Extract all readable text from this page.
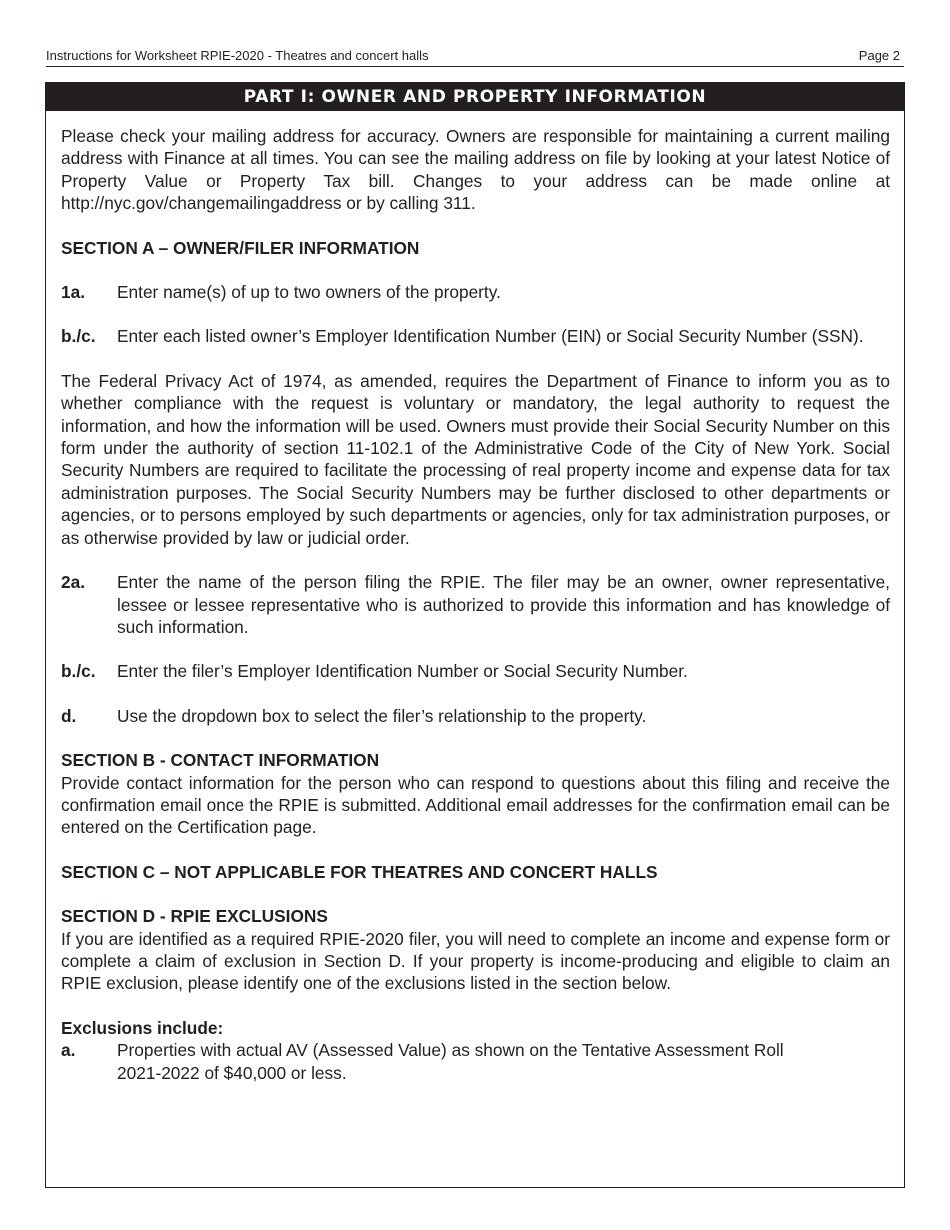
Instructions for Worksheet RPIE-2020 - Theatres and concert halls	Page 2
PART I: OWNER AND PROPERTY INFORMATION

Please check your mailing address for accuracy. Owners are responsible for maintaining a current mailing address with Finance at all times. You can see the mailing address on file by looking at your latest Notice of Property Value or Property Tax bill. Changes to your address can be made online at http://nyc.gov/changemailingaddress or by calling 311.

SECTION A – OWNER/FILER INFORMATION

1a.	Enter name(s) of up to two owners of the property.
b./c.	Enter each listed owner’s Employer Identification Number (EIN) or Social Security Number (SSN).

The Federal Privacy Act of 1974, as amended, requires the Department of Finance to inform you as to whether compliance with the request is voluntary or mandatory, the legal authority to request the information, and how the information will be used. Owners must provide their Social Security Number on this form under the authority of section 11-102.1 of the Administrative Code of the City of New York. Social Security Numbers are required to facilitate the processing of real property income and expense data for tax administration purposes. The Social Security Numbers may be further disclosed to other departments or agencies, or to persons employed by such departments or agencies, only for tax administration purposes, or as otherwise provided by law or judicial order.

2a.	Enter the name of the person filing the RPIE. The filer may be an owner, owner representative, lessee or lessee representative who is authorized to provide this information and has knowledge of such information.
b./c.	Enter the filer’s Employer Identification Number or Social Security Number.
d.	Use the dropdown box to select the filer’s relationship to the property.

SECTION B - CONTACT INFORMATION

Provide contact information for the person who can respond to questions about this filing and receive the confirmation email once the RPIE is submitted. Additional email addresses for the confirmation email can be entered on the Certification page.

SECTION C – NOT APPLICABLE FOR THEATRES AND CONCERT HALLS

SECTION D - RPIE EXCLUSIONS

If you are identified as a required RPIE-2020 filer, you will need to complete an income and expense form or complete a claim of exclusion in Section D. If your property is income-producing and eligible to claim an RPIE exclusion, please identify one of the exclusions listed in the section below.

Exclusions include:

a.	Properties with actual AV (Assessed Value) as shown on the Tentative Assessment Roll 2021-2022 of $40,000 or less.
